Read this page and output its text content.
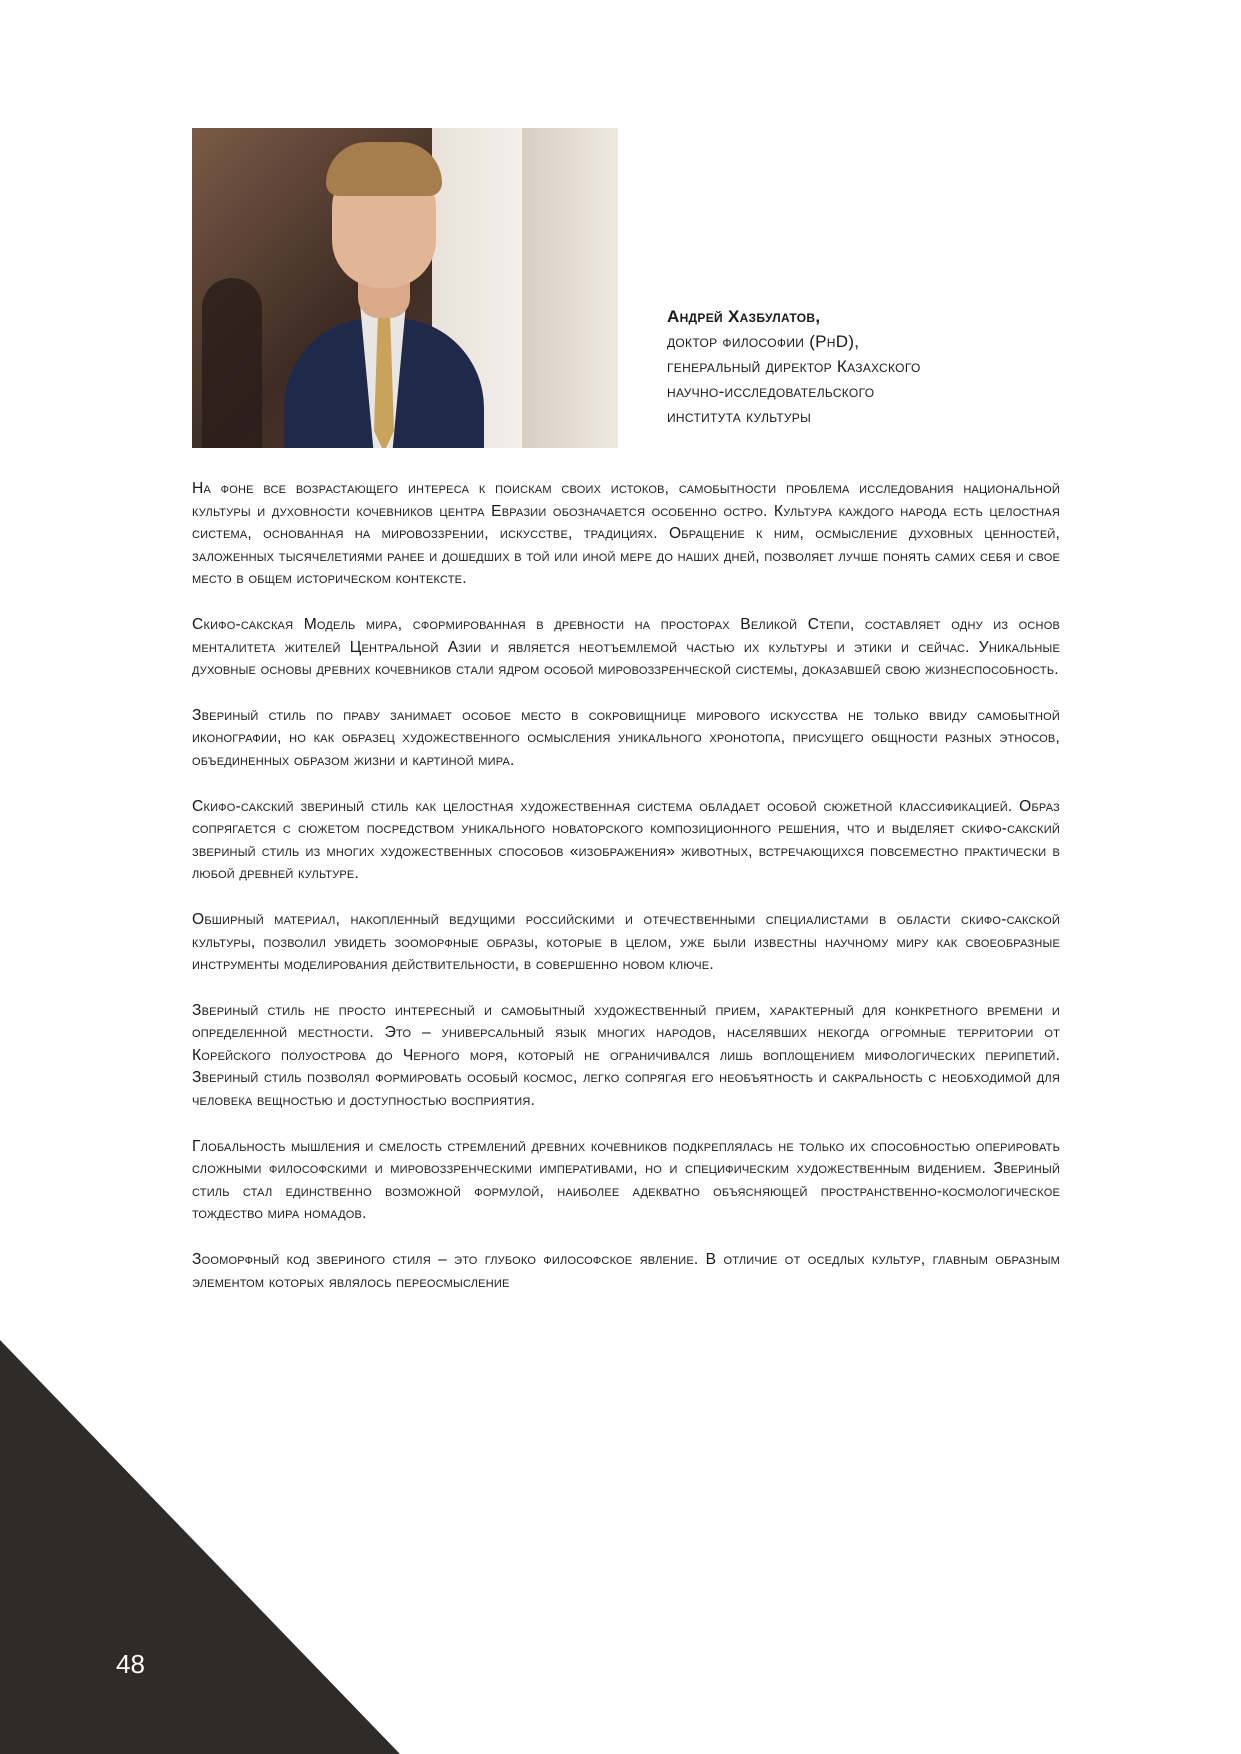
Андрей Хазбулатов,
доктор философии (PhD),
генеральный директор Казахского
научно-исследовательского
института культуры

На фоне все возрастающего интереса к поискам своих истоков, самобытности проблема исследования национальной культуры и духовности кочевников центра Евразии обозначается особенно остро. Культура каждого народа есть целостная система, основанная на мировоззрении, искусстве, традициях. Обращение к ним, осмысление духовных ценностей, заложенных тысячелетиями ранее и дошедших в той или иной мере до наших дней, позволяет лучше понять самих себя и свое место в общем историческом контексте.

Скифо-сакская Модель мира, сформированная в древности на просторах Великой Степи, составляет одну из основ менталитета жителей Центральной Азии и является неотъемлемой частью их культуры и этики и сейчас. Уникальные духовные основы древних кочевников стали ядром особой мировоззренческой системы, доказавшей свою жизнеспособность.

Звериный стиль по праву занимает особое место в сокровищнице мирового искусства не только ввиду самобытной иконографии, но как образец художественного осмысления уникального хронотопа, присущего общности разных этносов, объединенных образом жизни и картиной мира.

Скифо-сакский звериный стиль как целостная художественная система обладает особой сюжетной классификацией. Образ сопрягается с сюжетом посредством уникального новаторского композиционного решения, что и выделяет скифо-сакский звериный стиль из многих художественных способов «изображения» животных, встречающихся повсеместно практически в любой древней культуре.

Обширный материал, накопленный ведущими российскими и отечественными специалистами в области скифо-сакской культуры, позволил увидеть зооморфные образы, которые в целом, уже были известны научному миру как своеобразные инструменты моделирования действительности, в совершенно новом ключе.

Звериный стиль не просто интересный и самобытный художественный прием, характерный для конкретного времени и определенной местности. Это – универсальный язык многих народов, населявших некогда огромные территории от Корейского полуострова до Черного моря, который не ограничивался лишь воплощением мифологических перипетий. Звериный стиль позволял формировать особый космос, легко сопрягая его необъятность и сакральность с необходимой для человека вещностью и доступностью восприятия.

Глобальность мышления и смелость стремлений древних кочевников подкреплялась не только их способностью оперировать сложными философскими и мировоззренческими императивами, но и специфическим художественным видением. Звериный стиль стал единственно возможной формулой, наиболее адекватно объясняющей пространственно-космологическое тождество мира номадов.

Зооморфный код звериного стиля – это глубоко философское явление. В отличие от оседлых культур, главным образным элементом которых являлось переосмысление

48
